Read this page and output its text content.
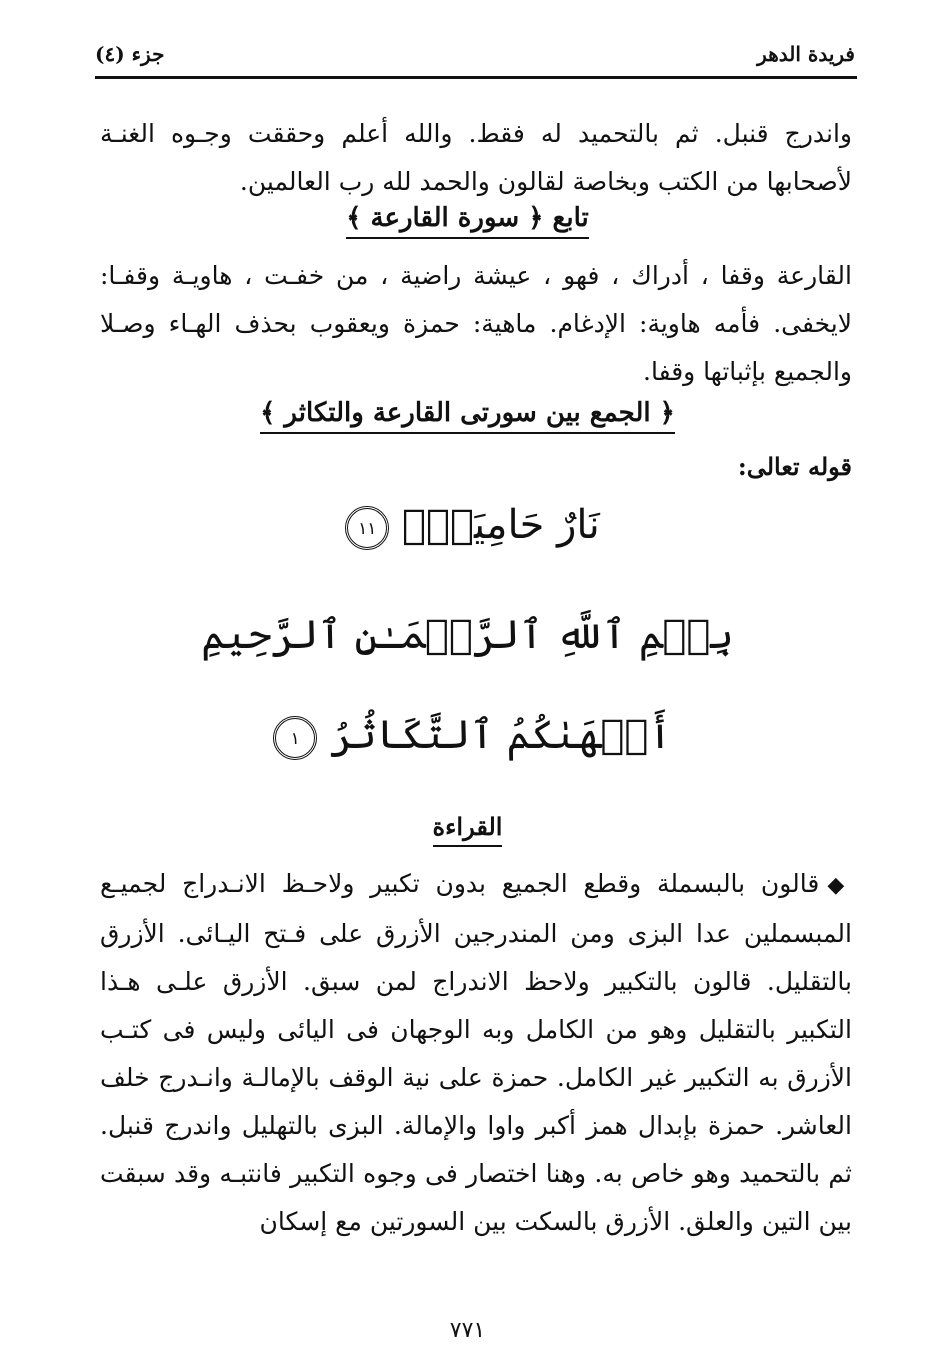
فريدة الدهر
جزء (٤)
واندرج قنبل. ثم بالتحميد له فقط. والله أعلم وحققت وجـوه الغنـة لأصحابها من الكتب وبخاصة لقالون والحمد لله رب العالمين.
تابع ﴿ سورة القارعة ﴾
القارعة وقفا ، أدراك ، فهو ، عيشة راضية ، من خفـت ، هاويـة وقفـا: لايخفى. فأمه هاوية: الإدغام. ماهية: حمزة ويعقوب بحذف الهـاء وصـلا والجميع بإثباتها وقفا.
﴿ الجمع بين سورتى القارعة والتكاثر ﴾
قوله تعالى:
نَارٌ حَامِيَةٌۢ ١١
بِسۡمِ ٱللَّهِ ٱلرَّحۡمَـٰنِ ٱلرَّحِيمِ
أَلۡهَىٰكُمُ ٱلتَّكَاثُرُ ١
القراءة
◆قالون بالبسملة وقطع الجميع بدون تكبير ولاحـظ الانـدراج لجميـع المبسملين عدا البزى ومن المندرجين الأزرق على فـتح اليـائى. الأزرق بالتقليل. قالون بالتكبير ولاحظ الاندراج لمن سبق. الأزرق علـى هـذا التكبير بالتقليل وهو من الكامل وبه الوجهان فى اليائى وليس فى كتـب الأزرق به التكبير غير الكامل. حمزة على نية الوقف بالإمالـة وانـدرج خلف العاشر. حمزة بإبدال همز أكبر واوا والإمالة. البزى بالتهليل واندرج قنبل. ثم بالتحميد وهو خاص به. وهنا اختصار فى وجوه التكبير فانتبـه وقد سبقت بين التين والعلق. الأزرق بالسكت بين السورتين مع إسكان
٧٧١
